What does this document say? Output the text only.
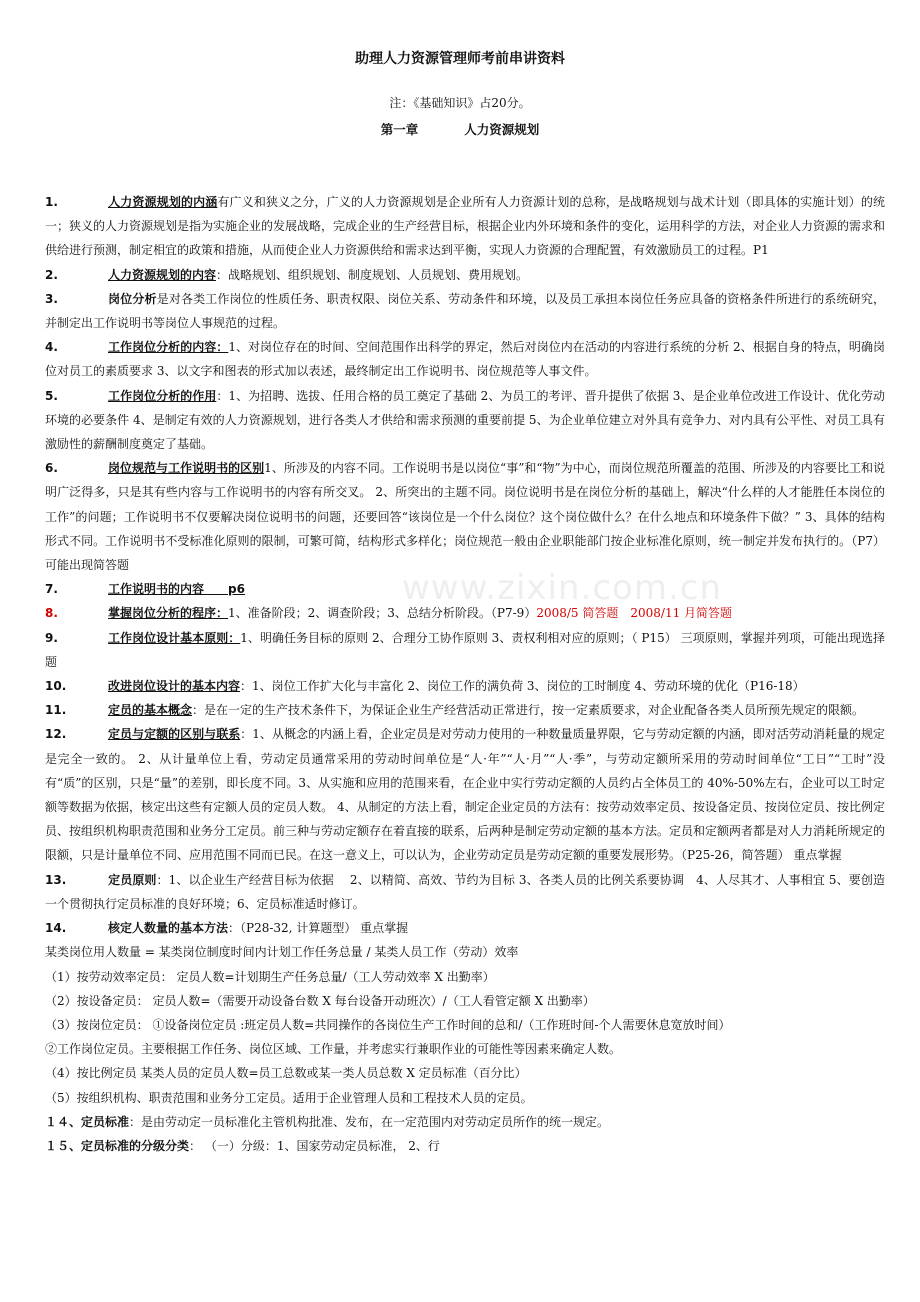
助理人力资源管理师考前串讲资料
注：《基础知识》占20分。
第一章	人力资源规划
www.zixin.com.cn

1.	人力资源规划的内涵有广义和狭义之分，广义的人力资源规划是企业所有人力资源计划的总称，是战略规划与战术计划（即具体的实施计划）的统一；狭义的人力资源规划是指为实施企业的发展战略，完成企业的生产经营目标，根据企业内外环境和条件的变化，运用科学的方法，对企业人力资源的需求和供给进行预测，制定相宜的政策和措施，从而使企业人力资源供给和需求达到平衡，实现人力资源的合理配置，有效激励员工的过程。P1

2.	人力资源规划的内容：战略规划、组织规划、制度规划、人员规划、费用规划。

3.	岗位分析是对各类工作岗位的性质任务、职责权限、岗位关系、劳动条件和环境，以及员工承担本岗位任务应具备的资格条件所进行的系统研究，并制定出工作说明书等岗位人事规范的过程。

4.	工作岗位分析的内容：1、对岗位存在的时间、空间范围作出科学的界定，然后对岗位内在活动的内容进行系统的分析 2、根据自身的特点，明确岗位对员工的素质要求 3、以文字和图表的形式加以表述，最终制定出工作说明书、岗位规范等人事文件。

5.	工作岗位分析的作用：1、为招聘、选拔、任用合格的员工奠定了基础 2、为员工的考评、晋升提供了依据 3、是企业单位改进工作设计、优化劳动环境的必要条件 4、是制定有效的人力资源规划，进行各类人才供给和需求预测的重要前提 5、为企业单位建立对外具有竞争力、对内具有公平性、对员工具有激励性的薪酬制度奠定了基础。

6.	岗位规范与工作说明书的区别1、所涉及的内容不同。工作说明书是以岗位“事”和“物”为中心，而岗位规范所覆盖的范围、所涉及的内容要比工和说明广泛得多，只是其有些内容与工作说明书的内容有所交叉。 2、所突出的主题不同。岗位说明书是在岗位分析的基础上，解决“什么样的人才能胜任本岗位的工作”的问题；工作说明书不仅要解决岗位说明书的问题，还要回答“该岗位是一个什么岗位？这个岗位做什么？在什么地点和环境条件下做？” 3、具体的结构形式不同。工作说明书不受标准化原则的限制，可繁可简，结构形式多样化；岗位规范一般由企业职能部门按企业标准化原则，统一制定并发布执行的。（P7）可能出现简答题

7.	工作说明书的内容　　p6

8.	掌握岗位分析的程序：1、准备阶段；2、调查阶段；3、总结分析阶段。（P7-9）2008/5 简答题　2008/11 月简答题

9.	工作岗位设计基本原则：1、明确任务目标的原则 2、合理分工协作原则 3、责权利相对应的原则；（ P15） 三项原则，掌握并列项，可能出现选择题

10.	改进岗位设计的基本内容：1、岗位工作扩大化与丰富化 2、岗位工作的满负荷 3、岗位的工时制度 4、劳动环境的优化（P16-18）

11.	定员的基本概念：是在一定的生产技术条件下，为保证企业生产经营活动正常进行，按一定素质要求，对企业配备各类人员所预先规定的限额。

12.	定员与定额的区别与联系：1、从概念的内涵上看，企业定员是对劳动力使用的一种数量质量界限，它与劳动定额的内涵，即对活劳动消耗量的规定是完全一致的。 2、从计量单位上看，劳动定员通常采用的劳动时间单位是“人·年”“人·月”“人·季”，与劳动定额所采用的劳动时间单位“工日”“工时”没有“质”的区别，只是“量”的差别，即长度不同。3、从实施和应用的范围来看，在企业中实行劳动定额的人员约占全体员工的 40%-50%左右，企业可以工时定额等数据为依据，核定出这些有定额人员的定员人数。 4、从制定的方法上看，制定企业定员的方法有：按劳动效率定员、按设备定员、按岗位定员、按比例定员、按组织机构职责范围和业务分工定员。前三种与劳动定额存在着直接的联系，后两种是制定劳动定额的基本方法。定员和定额两者都是对人力消耗所规定的限额，只是计量单位不同、应用范围不同而已民。在这一意义上，可以认为，企业劳动定员是劳动定额的重要发展形势。（P25-26，简答题） 重点掌握

13.	定员原则：1、以企业生产经营目标为依据　 2、以精简、高效、节约为目标 3、各类人员的比例关系要协调　4、人尽其才、人事相宜 5、要创造一个贯彻执行定员标准的良好环境；6、定员标准适时修订。

14.	核定人数量的基本方法：（P28-32, 计算题型） 重点掌握

某类岗位用人数量 = 某类岗位制度时间内计划工作任务总量 / 某类人员工作（劳动）效率

（1）按劳动效率定员： 定员人数=计划期生产任务总量/（工人劳动效率 X 出勤率）

（2）按设备定员： 定员人数=（需要开动设备台数 X 每台设备开动班次）/（工人看管定额 X 出勤率）

（3）按岗位定员： ①设备岗位定员 :班定员人数=共同操作的各岗位生产工作时间的总和/（工作班时间-个人需要休息宽放时间）

②工作岗位定员。主要根据工作任务、岗位区域、工作量，并考虑实行兼职作业的可能性等因素来确定人数。

（4）按比例定员 某类人员的定员人数=员工总数或某一类人员总数 X 定员标准（百分比）

（5）按组织机构、职责范围和业务分工定员。适用于企业管理人员和工程技术人员的定员。

１４、定员标准：是由劳动定一员标准化主管机构批准、发布，在一定范围内对劳动定员所作的统一规定。

１５、定员标准的分级分类： （一）分级：1、国家劳动定员标准， 2、行
